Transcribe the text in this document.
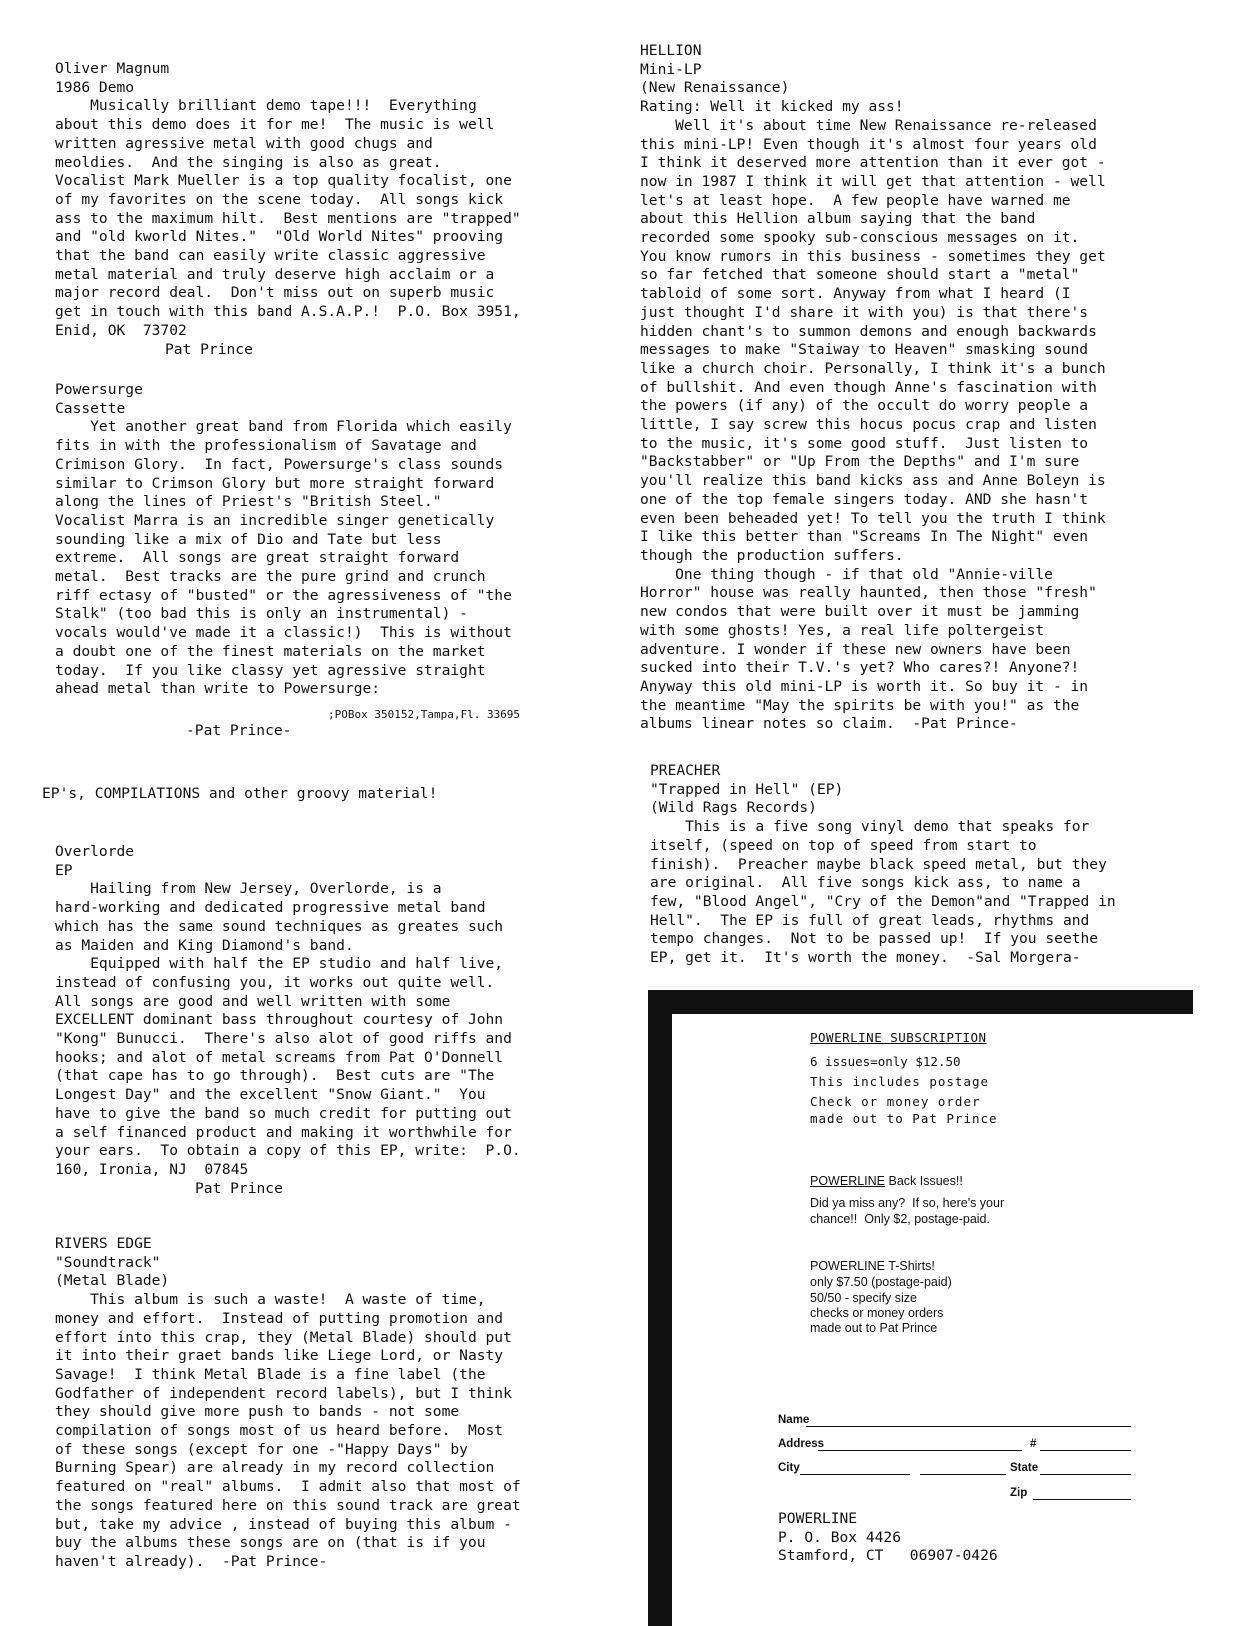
Oliver Magnum
1986 Demo
Musically brilliant demo tape!!!  Everything
about this demo does it for me!  The music is well
written agressive metal with good chugs and
meoldies.  And the singing is also as great.
Vocalist Mark Mueller is a top quality focalist, one
of my favorites on the scene today.  All songs kick
ass to the maximum hilt.  Best mentions are "trapped"
and "old kworld Nites."  "Old World Nites" prooving
that the band can easily write classic aggressive
metal material and truly deserve high acclaim or a
major record deal.  Don't miss out on superb music
get in touch with this band A.S.A.P.!  P.O. Box 3951,
Enid, OK  73702
Pat Prince
Powersurge
Cassette
Yet another great band from Florida which easily
fits in with the professionalism of Savatage and
Crimison Glory.  In fact, Powersurge's class sounds
similar to Crimson Glory but more straight forward
along the lines of Priest's "British Steel."
Vocalist Marra is an incredible singer genetically
sounding like a mix of Dio and Tate but less
extreme.  All songs are great straight forward
metal.  Best tracks are the pure grind and crunch
riff ectasy of "busted" or the agressiveness of "the
Stalk" (too bad this is only an instrumental) -
vocals would've made it a classic!)  This is without
a doubt one of the finest materials on the market
today.  If you like classy yet agressive straight
ahead metal than write to Powersurge:
;POBox 350152,Tampa,Fl. 33695
-Pat Prince-
EP's, COMPILATIONS and other groovy material!
Overlorde
EP
Hailing from New Jersey, Overlorde, is a
hard-working and dedicated progressive metal band
which has the same sound techniques as greates such
as Maiden and King Diamond's band.
Equipped with half the EP studio and half live,
instead of confusing you, it works out quite well.
All songs are good and well written with some
EXCELLENT dominant bass throughout courtesy of John
"Kong" Bunucci.  There's also alot of good riffs and
hooks; and alot of metal screams from Pat O'Donnell
(that cape has to go through).  Best cuts are "The
Longest Day" and the excellent "Snow Giant."  You
have to give the band so much credit for putting out
a self financed product and making it worthwhile for
your ears.  To obtain a copy of this EP, write:  P.O.
160, Ironia, NJ  07845
Pat Prince
RIVERS EDGE
"Soundtrack"
(Metal Blade)
This album is such a waste!  A waste of time,
money and effort.  Instead of putting promotion and
effort into this crap, they (Metal Blade) should put
it into their graet bands like Liege Lord, or Nasty
Savage!  I think Metal Blade is a fine label (the
Godfather of independent record labels), but I think
they should give more push to bands - not some
compilation of songs most of us heard before.  Most
of these songs (except for one -"Happy Days" by
Burning Spear) are already in my record collection
featured on "real" albums.  I admit also that most of
the songs featured here on this sound track are great
but, take my advice , instead of buying this album -
buy the albums these songs are on (that is if you
haven't already).  -Pat Prince-
HELLION
Mini-LP
(New Renaissance)
Rating: Well it kicked my ass!
Well it's about time New Renaissance re-released
this mini-LP! Even though it's almost four years old
I think it deserved more attention than it ever got -
now in 1987 I think it will get that attention - well
let's at least hope.  A few people have warned me
about this Hellion album saying that the band
recorded some spooky sub-conscious messages on it.
You know rumors in this business - sometimes they get
so far fetched that someone should start a "metal"
tabloid of some sort. Anyway from what I heard (I
just thought I'd share it with you) is that there's
hidden chant's to summon demons and enough backwards
messages to make "Staiway to Heaven" smasking sound
like a church choir. Personally, I think it's a bunch
of bullshit. And even though Anne's fascination with
the powers (if any) of the occult do worry people a
little, I say screw this hocus pocus crap and listen
to the music, it's some good stuff.  Just listen to
"Backstabber" or "Up From the Depths" and I'm sure
you'll realize this band kicks ass and Anne Boleyn is
one of the top female singers today. AND she hasn't
even been beheaded yet! To tell you the truth I think
I like this better than "Screams In The Night" even
though the production suffers.
One thing though - if that old "Annie-ville
Horror" house was really haunted, then those "fresh"
new condos that were built over it must be jamming
with some ghosts! Yes, a real life poltergeist
adventure. I wonder if these new owners have been
sucked into their T.V.'s yet? Who cares?! Anyone?!
Anyway this old mini-LP is worth it. So buy it - in
the meantime "May the spirits be with you!" as the
albums linear notes so claim.  -Pat Prince-
PREACHER
"Trapped in Hell" (EP)
(Wild Rags Records)
This is a five song vinyl demo that speaks for
itself, (speed on top of speed from start to
finish).  Preacher maybe black speed metal, but they
are original.  All five songs kick ass, to name a
few, "Blood Angel", "Cry of the Demon"and "Trapped in
Hell".  The EP is full of great leads, rhythms and
tempo changes.  Not to be passed up!  If you seethe
EP, get it.  It's worth the money.  -Sal Morgera-
POWERLINE SUBSCRIPTION
6 issues=only $12.50
This includes postage
Check or money order
made out to Pat Prince
POWERLINE Back Issues!!
Did ya miss any?  If so, here's your
chance!!  Only $2, postage-paid.
POWERLINE T-Shirts!
only $7.50 (postage-paid)
50/50 - specify size
checks or money orders
made out to Pat Prince
Name
Address	#
City	State
Zip
POWERLINE
P. O. Box 4426
Stamford, CT   06907-0426
